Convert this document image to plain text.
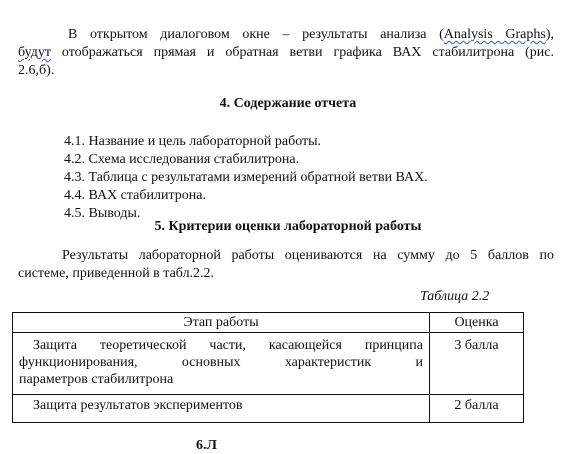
В открытом диалоговом окне – результаты анализа (Analysis Graphs),
будут отображаться прямая и обратная ветви графика ВАХ стабилитрона (рис.
2.6,б).
4. Содержание отчета
4.1. Название и цель лабораторной работы.
4.2. Схема исследования стабилитрона.
4.3. Таблица с результатами измерений обратной ветви ВАХ.
4.4. ВАХ стабилитрона.
4.5. Выводы.
5. Критерии оценки лабораторной работы
Результаты лабораторной работы оцениваются на сумму до 5 баллов по
системе, приведенной в табл.2.2.
Таблица 2.2
Этап работы	Оценка

Защита теоретической части, касающейся принципа
функционирования, основных характеристик и
параметров стабилитрона	3 балла
Защита результатов экспериментов	2 балла
6.Л
